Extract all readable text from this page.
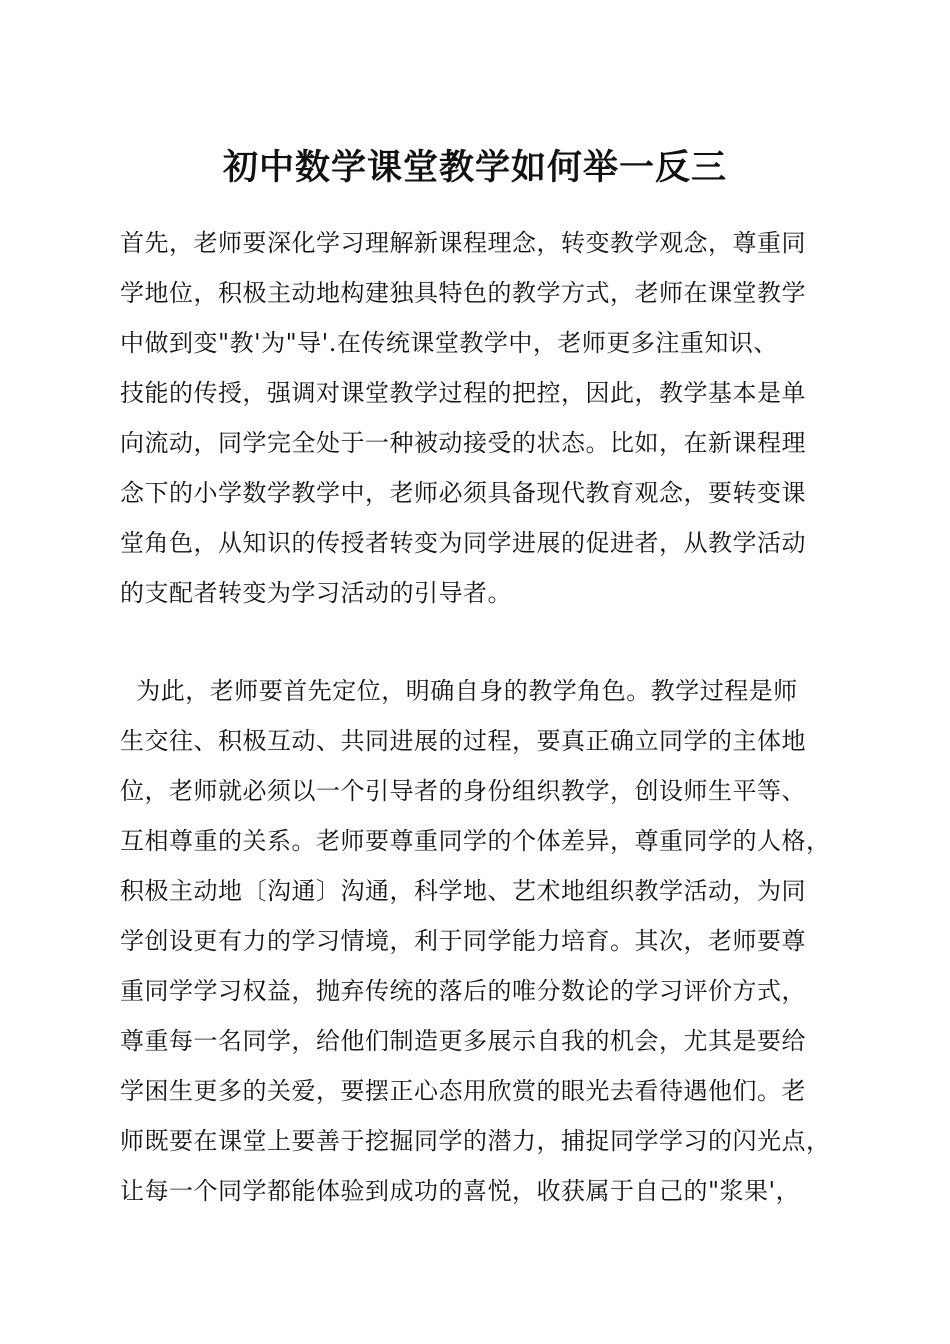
初中数学课堂教学如何举一反三
首先，老师要深化学习理解新课程理念，转变教学观念，尊重同
学地位，积极主动地构建独具特色的教学方式，老师在课堂教学
中做到变"教'为"导'.在传统课堂教学中，老师更多注重知识、
技能的传授，强调对课堂教学过程的把控，因此，教学基本是单
向流动，同学完全处于一种被动接受的状态。比如，在新课程理
念下的小学数学教学中，老师必须具备现代教育观念，要转变课
堂角色，从知识的传授者转变为同学进展的促进者，从教学活动
的支配者转变为学习活动的引导者。
为此，老师要首先定位，明确自身的教学角色。教学过程是师
生交往、积极互动、共同进展的过程，要真正确立同学的主体地
位，老师就必须以一个引导者的身份组织教学，创设师生平等、
互相尊重的关系。老师要尊重同学的个体差异，尊重同学的人格，
积极主动地〔沟通〕沟通，科学地、艺术地组织教学活动，为同
学创设更有力的学习情境，利于同学能力培育。其次，老师要尊
重同学学习权益，抛弃传统的落后的唯分数论的学习评价方式，
尊重每一名同学，给他们制造更多展示自我的机会，尤其是要给
学困生更多的关爱，要摆正心态用欣赏的眼光去看待遇他们。老
师既要在课堂上要善于挖掘同学的潜力，捕捉同学学习的闪光点，
让每一个同学都能体验到成功的喜悦，收获属于自己的"浆果'，
